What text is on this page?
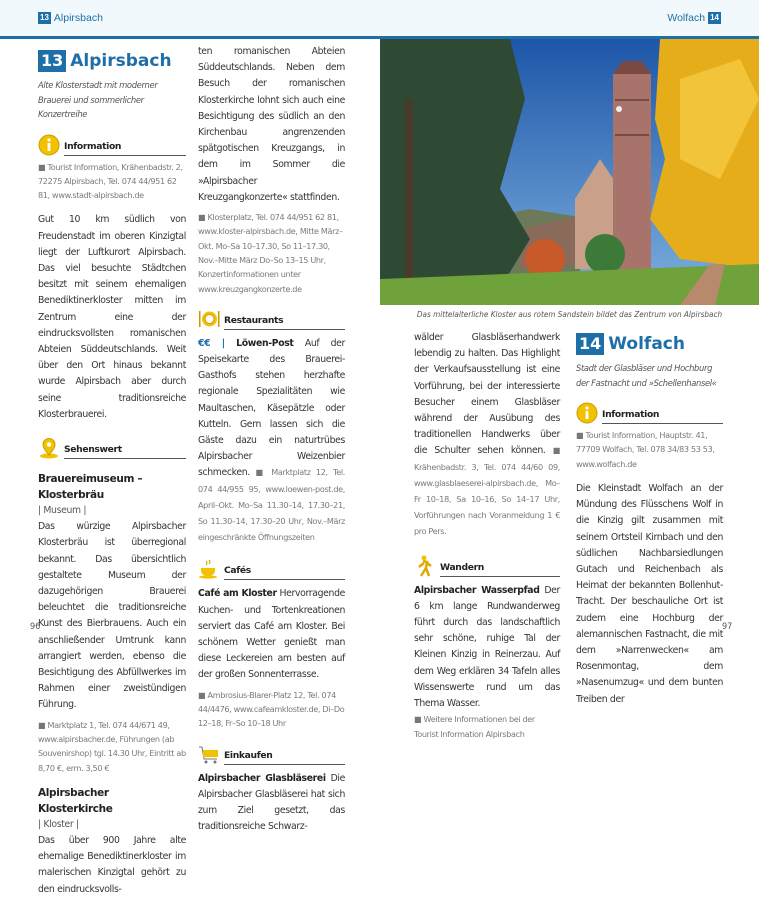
13 Alpirsbach	Wolfach 14
13 Alpirsbach
Alte Klosterstadt mit moderner Brauerei und sommerlicher Konzertreihe
Information
■ Tourist Information, Krähenbadstr. 2, 72275 Alpirsbach, Tel. 074 44/951 62 81, www.stadt-alpirsbach.de
Gut 10 km südlich von Freudenstadt im oberen Kinzigtal liegt der Luftkurort Alpirsbach. Das viel besuchte Städtchen besitzt mit seinem ehemaligen Benediktinerkloster mitten im Zentrum eine der eindrucksvollsten romanischen Abteien Süddeutschlands. Weit über den Ort hinaus bekannt wurde Alpirsbach aber durch seine traditionsreiche Klosterbrauerei.
Sehenswert
Brauereimuseum – Klosterbräu
| Museum |
Das würzige Alpirsbacher Klosterbräu ist überregional bekannt. Das übersichtlich gestaltete Museum der dazugehörigen Brauerei beleuchtet die traditionsreiche Kunst des Bierbrauens. Auch ein anschließender Umtrunk kann arrangiert werden, ebenso die Besichtigung des Abfüllwerkes im Rahmen einer zweistündigen Führung.
■ Marktplatz 1, Tel. 074 44/671 49, www.alpirsbacher.de, Führungen (ab Souvenirshop) tgl. 14.30 Uhr, Eintritt ab 8,70 €, erm. 3,50 €
Alpirsbacher Klosterkirche
| Kloster |
Das über 900 Jahre alte ehemalige Benediktinerkloster im malerischen Kinzigtal gehört zu den eindrucksvolls-
ten romanischen Abteien Süddeutschlands. Neben dem Besuch der romanischen Klosterkirche lohnt sich auch eine Besichtigung des südlich an den Kirchenbau angrenzenden spätgotischen Kreuzgangs, in dem im Sommer die »Alpirsbacher Kreuzgangkonzerte« stattfinden.
■ Klosterplatz, Tel. 074 44/951 62 81, www.kloster-alpirsbach.de, Mitte März–Okt. Mo–Sa 10–17.30, So 11–17.30, Nov.–Mitte März Do–So 13–15 Uhr, Konzertinformationen unter www.kreuzgangkonzerte.de
Restaurants
€€ | Löwen-Post Auf der Speisekarte des Brauerei-Gasthofs stehen herzhafte regionale Spezialitäten wie Maultaschen, Käsepätzle oder Kutteln. Gern lassen sich die Gäste dazu ein naturtrübes Alpirsbacher Weizenbier schmecken.	■ Marktplatz 12, Tel. 074 44/955 95, www.loewen-post.de, April–Okt. Mo–Sa 11.30–14, 17.30–21, So 11.30–14, 17.30–20 Uhr, Nov.–März eingeschränkte Öffnungszeiten
Cafés
Café am Kloster Hervorragende Kuchen- und Tortenkreationen serviert das Café am Kloster. Bei schönem Wetter genießt man diese Leckereien am besten auf der großen Sonnenterrasse.
■ Ambrosius-Blarer-Platz 12, Tel. 074 44/4476, www.cafeamkloster.de, Di–Do 12–18, Fr–So 10–18 Uhr
Einkaufen
Alpirsbacher Glasbläserei Die Alpirsbacher Glasbläserei hat sich zum Ziel gesetzt, das traditionsreiche Schwarz-
Das mittelalterliche Kloster aus rotem Sandstein bildet das Zentrum von Alpirsbach
wälder Glasbläserhandwerk lebendig zu halten. Das Highlight der Verkaufsausstellung ist eine Vorführung, bei der interessierte Besucher einem Glasbläser während der Ausübung des traditionellen Handwerks über die Schulter sehen können. ■ Krähenbadstr. 3, Tel. 074 44/60 09, www.glasblaeserei-alpirsbach.de, Mo–Fr 10–18, Sa 10–16, So 14–17 Uhr, Vorführungen nach Voranmeldung 1 € pro Pers.
Wandern
Alpirsbacher Wasserpfad Der 6 km lange Rundwanderweg führt durch das landschaftlich sehr schöne, ruhige Tal der Kleinen Kinzig in Reinerzau. Auf dem Weg erklären 34 Tafeln alles Wissenswerte rund um das Thema Wasser.
■ Weitere Informationen bei der Tourist Information Alpirsbach
14 Wolfach
Stadt der Glasbläser und Hochburg der Fastnacht und »Schellenhansel«
Information
■ Tourist Information, Hauptstr. 41, 77709 Wolfach, Tel. 078 34/83 53 53, www.wolfach.de
Die Kleinstadt Wolfach an der Mündung des Flüsschens Wolf in die Kinzig gilt zusammen mit seinem Ortsteil Kirnbach und den südlichen Nachbarsiedlungen Gutach und Reichenbach als Heimat der bekannten Bollenhut-Tracht. Der beschauliche Ort ist zudem eine Hochburg der alemannischen Fastnacht, die mit dem »Narrenwecken« am Rosenmontag, dem »Nasenumzug« und dem bunten Treiben der
96	97
